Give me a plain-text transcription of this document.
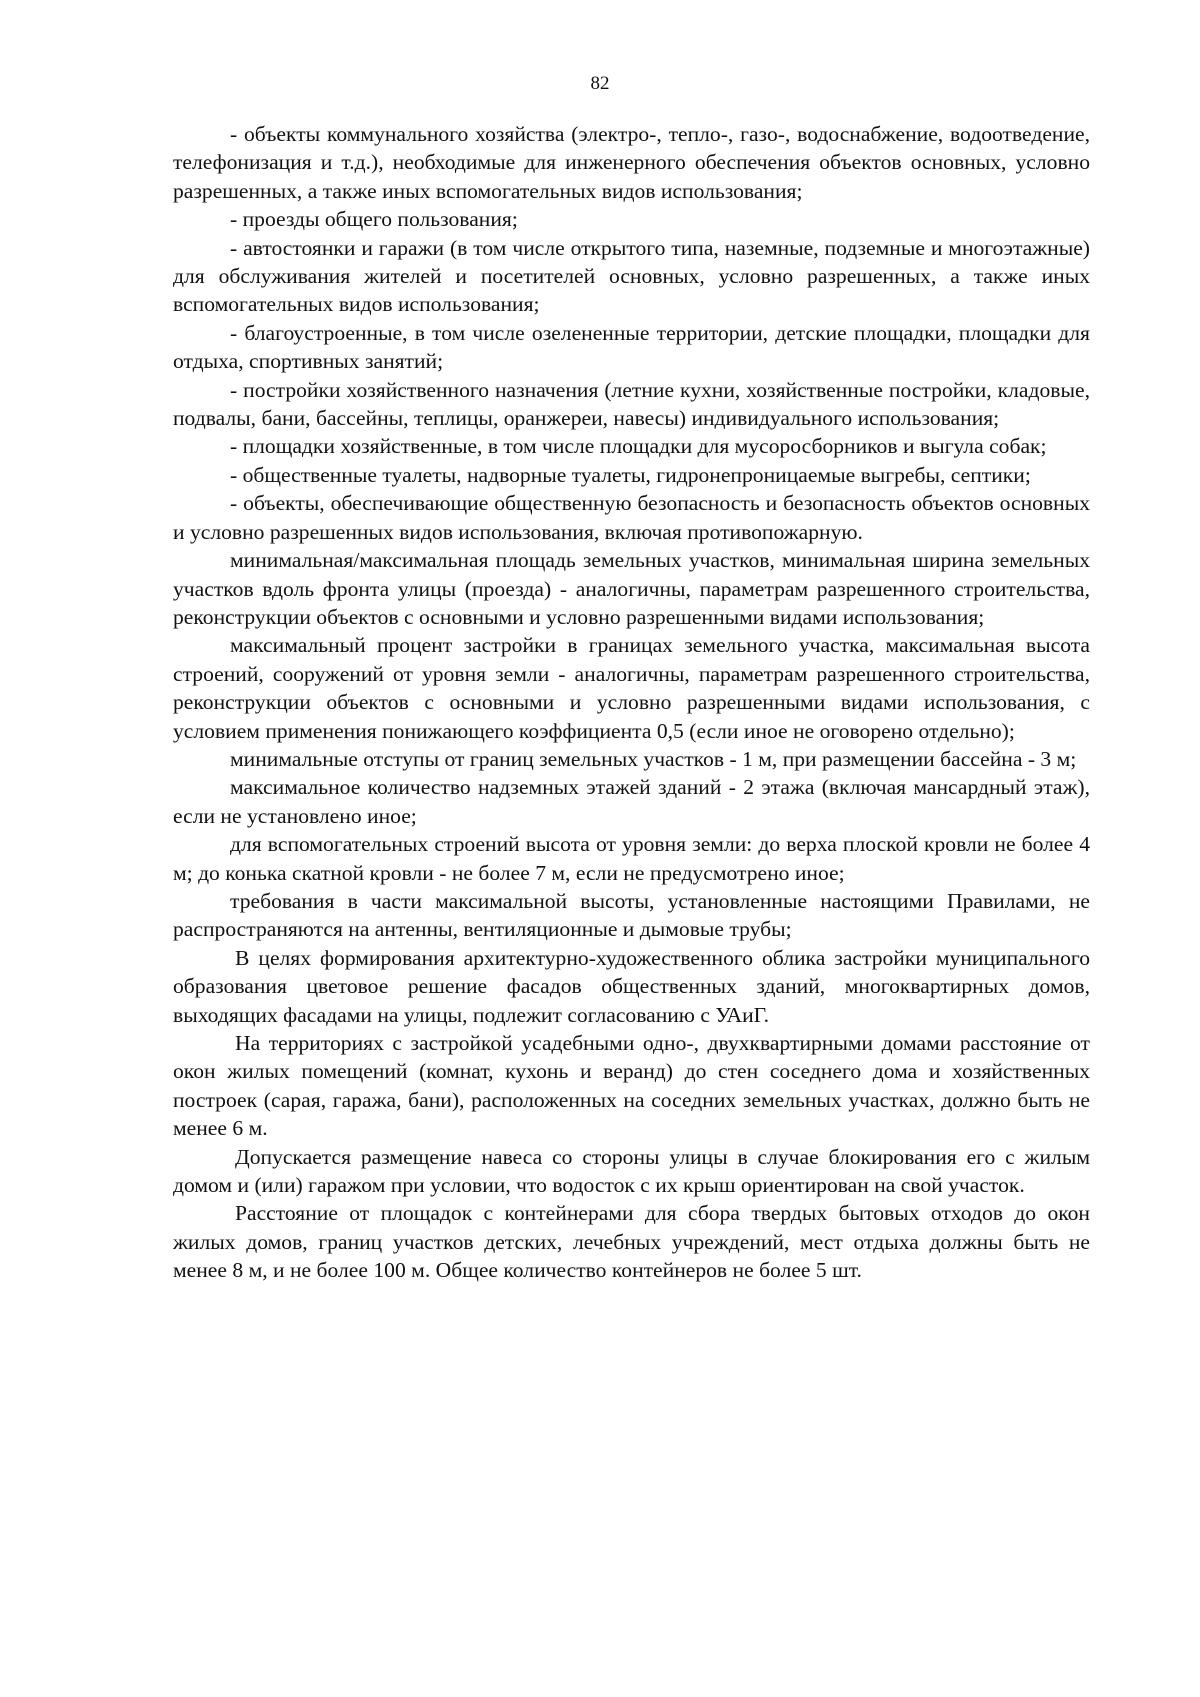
82

- объекты коммунального хозяйства (электро-, тепло-, газо-, водоснабжение, водоотведение, телефонизация и т.д.), необходимые для инженерного обеспечения объектов основных, условно разрешенных, а также иных вспомогательных видов использования;

- проезды общего пользования;

- автостоянки и гаражи (в том числе открытого типа, наземные, подземные и многоэтажные) для обслуживания жителей и посетителей основных, условно разрешенных, а также иных вспомогательных видов использования;

- благоустроенные, в том числе озелененные территории, детские площадки, площадки для отдыха, спортивных занятий;

- постройки хозяйственного назначения (летние кухни, хозяйственные постройки, кладовые, подвалы, бани, бассейны, теплицы, оранжереи, навесы) индивидуального использования;

- площадки хозяйственные, в том числе площадки для мусоросборников и выгула собак;

- общественные туалеты, надворные туалеты, гидронепроницаемые выгребы, септики;

- объекты, обеспечивающие общественную безопасность и безопасность объектов основных и условно разрешенных видов использования, включая противопожарную.

минимальная/максимальная площадь земельных участков, минимальная ширина земельных участков вдоль фронта улицы (проезда) - аналогичны, параметрам разрешенного строительства, реконструкции объектов с основными и условно разрешенными видами использования;

максимальный процент застройки в границах земельного участка, максимальная высота строений, сооружений от уровня земли - аналогичны, параметрам разрешенного строительства, реконструкции объектов с основными и условно разрешенными видами использования, с условием применения понижающего коэффициента 0,5 (если иное не оговорено отдельно);

минимальные отступы от границ земельных участков - 1 м, при размещении бассейна - 3 м;

максимальное количество надземных этажей зданий - 2 этажа (включая мансардный этаж), если не установлено иное;

для вспомогательных строений высота от уровня земли: до верха плоской кровли не более 4 м; до конька скатной кровли - не более 7 м, если не предусмотрено иное;

требования в части максимальной высоты, установленные настоящими Правилами, не распространяются на антенны, вентиляционные и дымовые трубы;

В целях формирования архитектурно-художественного облика застройки муниципального образования цветовое решение фасадов общественных зданий, многоквартирных домов, выходящих фасадами на улицы, подлежит согласованию с УАиГ.

На территориях с застройкой усадебными одно-, двухквартирными домами расстояние от окон жилых помещений (комнат, кухонь и веранд) до стен соседнего дома и хозяйственных построек (сарая, гаража, бани), расположенных на соседних земельных участках, должно быть не менее 6 м.

Допускается размещение навеса со стороны улицы в случае блокирования его с жилым домом и (или) гаражом при условии, что водосток с их крыш ориентирован на свой участок.

Расстояние от площадок с контейнерами для сбора твердых бытовых отходов до окон жилых домов, границ участков детских, лечебных учреждений, мест отдыха должны быть не менее 8 м, и не более 100 м. Общее количество контейнеров не более 5 шт.
